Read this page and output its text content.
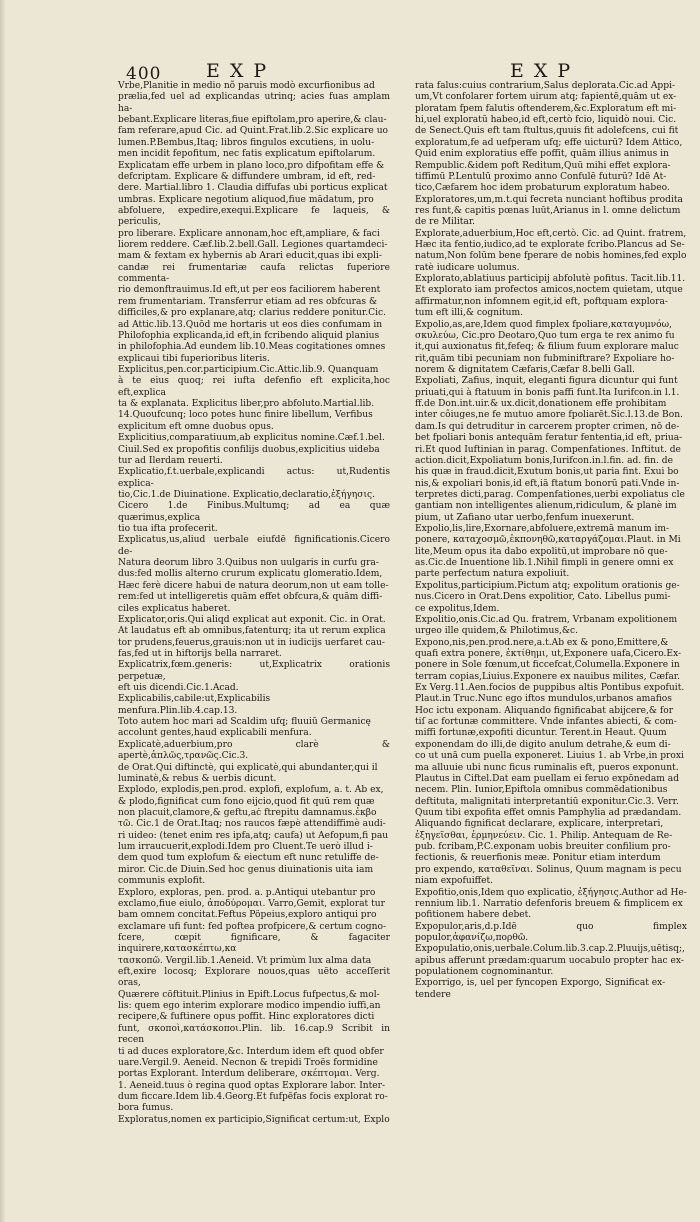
400 EXP	EXP

Vrbe,Planitie in medio nõ paruis modò excurfionibus ad

prælia,fed uel ad explicandas utrinq; acies fuas amplam ha-

bebant.Explicare literas,fiue epiftolam,pro aperire,& clau-

fam referare,apud Cic. ad Quint.Frat.lib.2.Sic explicare uo

lumen.P.Bembus,Itaq; libros fingulos excutiens, in uolu-

men incidit fepofitum, nec fatis explicatum epiftolarum.

Explicatam effe urbem in plano loco,pro difpofitam effe &

defcriptam. Explicare & diffundere umbram, id eft, red-

dere. Martial.libro 1. Claudia diffufas ubi porticus explicat

umbras. Explicare negotium aliquod,fiue mādatum, pro

abfoluere, expedire,exequi.Explicare fe laqueis, & periculis,

pro liberare. Explicare annonam,hoc eft,ampliare, & faci

liorem reddere. Cæf.lib.2.bell.Gall. Legiones quartamdeci-

mam & fextam ex hybernis ab Arari educit,quas ibi expli-

candæ rei frumentariæ caufa relictas fuperiore commenta-

rio demonftrauimus.Id eft,ut per eos faciliorem haberent

rem frumentariam. Transferrur etiam ad res obfcuras &

difficiles,& pro explanare,atq; clarius reddere ponitur.Cic.

ad Attic.lib.13.Quōd me hortaris ut eos dies confumam in

Philofophia explicanda,id eft,in fcribendo aliquid planius

in philofophia.Ad eundem lib.10.Meas cogitationes omnes

explicaui tibi fuperioribus literis.

Explicitus,pen.cor.participium.Cic.Attic.lib.9. Quanquam

à te eius quoq; rei iufta defenfio eft explicita,hoc eft,explica

ta & explanata. Explicitus liber,pro abfoluto.Martial.lib.

14.Quoufcunq; loco potes hunc finire libellum, Verfibus

explicitum eft omne duobus opus.

Explicitius,comparatiuum,ab explicitus nomine.Cæf.1.bel.

Ciuil.Sed ex propofitis confilijs duobus,explicitius uideba

tur ad Ilerdam reuerti.

Explicatio,f.t.uerbale,explicandi actus: ut,Rudentis explica-

tio,Cic.1.de Diuinatione. Explicatio,declaratio,ἐξήγησις.

Cicero 1.de Finibus.Multumq; ad ea quæ quærimus,explica

tio tua ifta profecerit.

Explicatus,us,aliud uerbale eiufdē fignificationis.Cicero de-

Natura deorum libro 3.Quibus non uulgaris in curfu gra-

dus:fed mollis alterno crurum explicatu glomeratio.Idem,

Hæc ferè dicere habui de natura deorum,non ut eam tolle-

rem:fed ut intelligeretis quām effet obfcura,& quām diffi-

ciles explicatus haberet.

Explicator,oris.Qui aliqd explicat aut exponit. Cic. in Orat.

At laudatus eft ab omnibus,fatenturq; ita ut rerum explica

tor prudens,feuerus,grauis:non ut in iudicijs uerfaret cau-

fas,fed ut in hiftorijs bella narraret.

Explicatrix,fœm.generis: ut,Explicatrix orationis perpetuæ,

eft uis dicendi.Cic.1.Acad.

Explicabilis,cabile:ut,Explicabilis menfura.Plin.lib.4.cap.13.

Toto autem hoc mari ad Scaldim ufq; fluuiū Germanicę

accolunt gentes,haud explicabili menfura.

Explicatè,aduerbium,pro clarè & apertè,ἀπλῶς,τρανῶς.Cic.3.

de Orat.Qui diftinctè, qui explicatè,qui abundanter,qui il

luminatè,& rebus & uerbis dicunt.

Explodo, explodis,pen.prod. explofi, explofum, a. t. Ab ex,

& plodo,fignificat cum fono eijcio,quod fit quū rem quæ

non placuit,clamore,& geftu,aċ ftrepitu damnamus.ἐκβο

τῶ. Cic.1 de Orat.Itaq; nos raucos fæpè attendiffimè audi-

ri uideo: (tenet enim res ipfa,atq; caufa) ut Aefopum,fi pau

lum irraucuerit,explodi.Idem pro Cluent.Te uerò illud i-

dem quod tum explofum & eiectum eft nunc retuliffe de-

miror. Cic.de Diuin.Sed hoc genus diuinationis uita iam

communis explofit.

Exploro, exploras, pen. prod. a. p.Antiqui utebantur pro

exclamo,fiue eiulo, ἀποδύρομαι. Varro,Gemit, explorat tur

bam omnem concitat.Feftus Pöpeius,exploro antiqui pro

exclamare ufi funt: fed poftea profpicere,& certum cogno-

fcere, cœpit fignificare, & fagaciter inquirere,κατασκέπτω,κα

τασκοπῶ. Vergil.lib.1.Aeneid. Vt primùm lux alma data

eft,exire locosq; Explorare nouos,quas uēto acceſſerit oras,

Quærere cōftituit.Plinius in Epift.Locus fufpectus,& mol-

lis: quem ego interim explorare modico impendio iuffi,an

recipere,& fuftinere opus poffit. Hinc exploratores dicti

funt, σκοποὶ,κατάσκοποι.Plin. lib. 16.cap.9 Scribit in recen

ti ad duces exploratore,&c. Interdum idem eft quod obfer

uare.Vergil.9. Aeneid. Necnon & trepidi Troës formidine

portas Explorant. Interdum deliberare, σκέπτομαι. Verg.

1. Aeneid.tuus ò regina quod optas Explorare labor. Inter-

dum ficcare.Idem lib.4.Georg.Et fufpēfas focis explorat ro-

bora fumus.

Exploratus,nomen ex participio,Significat certum:ut, Explo

rata falus:cuius contrarium,Salus deplorata.Cic.ad Appi-

um,Vt confolarer fortem uirum atq; fapientē,quām ut ex-

ploratam fpem falutis oftenderem,&c.Exploratum eft mi-

hi,uel exploratū habeo,id eft,certò fcio, liquidò noui. Cic.

de Senect.Quis eft tam ftultus,quuis fit adolefcens, cui fit

exploratum,fe ad uefperam ufq; effe uicturū? Idem Attico,

Quid enim exploratius effe poffit, quām illius animus in

Rempublic.&idem poft Reditum,Quū mihi effet explora-

tiffimū P.Lentulū proximo anno Confulē futurū? Idē At-

tico,Cæfarem hoc idem probaturum exploratum habeo.

Exploratores,um,m.t.qui fecreta nunciant hoftibus prodita

res funt,& capitis pœnas luūt,Arianus in l. omne delictum

de re Militar.

Explorate,aduerbium,Hoc eft,certò. Cic. ad Quint. fratrem,

Hæc ita fentio,iudico,ad te explorate fcribo.Plancus ad Se-

natum,Non folūm bene fperare de nobis homines,fed explo

ratè iudicare uolumus.

Explorato,ablatiuus participij abfolutè pofitus. Tacit.lib.11.

Et explorato iam profectos amicos,noctem quietam, utque

affirmatur,non infomnem egit,id eft, poftquam explora-

tum eft illi,& cognitum.

Expolio,as,are,Idem quod fimplex fpoliare,καταγυμνόω,

σκυλεύω, Cic.pro Deotaro,Quo tum erga te rex animo fu

it,qui auxionatus fit,fefeq; & filium fuum explorare maluc

rit,quām tibi pecuniam non fubminiftrare? Expoliare ho-

norem & dignitatem Cæfaris,Cæfar 8.belli Gall.

Expoliati, Zafius, inquit, eleganti figura dicuntur qui funt

priuati,qui à ftatuum in bonis paffi funt.Ita Iurifcon.in l.1.

ff.de Don.int.uir.& ux.dicit,donationem effe prohibitam

inter côiuges,ne fe mutuo amore fpoliarēt.Sic.l.13.de Bon.

dam.Is qui detruditur in carcerem propter crimen, nō de-

bet fpoliari bonis antequām feratur fententia,id eft, priua-

ri.Et quod Iuftinian in parag. Compenfationes. Inftitut. de

action.dicit,Expoliatum bonis,Iurifcon.in.l.fin. ad. fin. de

his quæ in fraud.dicit,Exutum bonis,ut paria fint. Exui bo

nis,& expoliari bonis,id eft,iā ftatum bonorū pati.Vnde in-

terpretes dicti,parag. Compenfationes,uerbi expoliatus cle

gantiam non intelligentes alienum,ridiculum, & planè im

pium, ut Zafiano utar uerbo,fenfum inuexerunt.

Expolio,lis,lire,Exornare,abfoluere,extremā manum im-

ponere, καταχοσμῶ,ἐκπονηθῶ,καταργάζομαι.Plaut. in Mi

lite,Meum opus ita dabo expolitū,ut improbare nō que-

as.Cic.de Inuentione lib.1.Nihil fimpli in genere omni ex

parte perfectum natura expoliuit.

Expolitus,participium.Pictum atq; expolitum orationis ge-

nus.Cicero in Orat.Dens expolitior, Cato. Libellus pumi-

ce expolitus,Idem.

Expolitio,onis.Cic.ad Qu. fratrem, Vrbanam expolitionem

urgeo ille quidem,& Philotimus,&c.

Expono,nis,pen.prod.nere,a.t.Ab ex & pono,Emittere,&

quafi extra ponere, ἐκτίθημι, ut,Exponere uafa,Cicero.Ex-

ponere in Sole fœnum,ut ficcefcat,Columella.Exponere in

terram copias,Liuius.Exponere ex nauibus milites, Cæfar.

Ex Verg.11.Aen.focios de puppibus altis Pontibus expofuit.

Plaut.in Truc.Nunc ego iftos mundulos,urbanos amafios

Hoc ictu exponam. Aliquando fignificabat abijcere,& for

tiſ ac fortunæ committere. Vnde infantes abiecti, & com-

miffi fortunæ,expofiti dicuntur. Terent.in Heaut. Quum

exponendam do illi,de digito anulum detrahe,& eum di-

co ut unā cum puella exponeret. Liuius 1. ab Vrbe,in proxi

ma alluuie ubi nunc ficus ruminalis eft, pueros exponunt.

Plautus in Ciftel.Dat eam puellam ei feruo expōnedam ad

necem. Plin. Iunior,Epiftola omnibus commēdationibus

deftituta, malignitati interpretantiū exponitur.Cic.3. Verr.

Quum tibi expofita effet omnis Pamphylia ad prædandam.

Aliquando fignificat declarare, explicare, interpretari,

ἐξηγεῖσθαι, ἑρμηνεύειν. Cic. 1. Philip. Antequam de Re-

pub. fcribam,P.C.exponam uobis breuiter confilium pro-

fectionis, & reuerfionis meæ. Ponitur etiam interdum

pro expendo, καταθεῖναι. Solinus, Quum magnam is pecu

niam expofuiffet.

Expofitio,onis,Idem quo explicatio, ἐξήγησις.Author ad He-

rennium lib.1. Narratio defenforis breuem & fimplicem ex

pofitionem habere debet.

Expopulor,aris,d.p.Idē quo fimplex populor,ἀφανίζω,πορθῶ.

Expopulatio,onis,uerbale.Colum.lib.3.cap.2.Pluuijs,uētisq;,

apibus afferunt prædam:quarum uocabulo propter hac ex-

populationem cognominantur.

Exporrigo, is, uel per fyncopen Exporgo, Significat ex-

tendere
